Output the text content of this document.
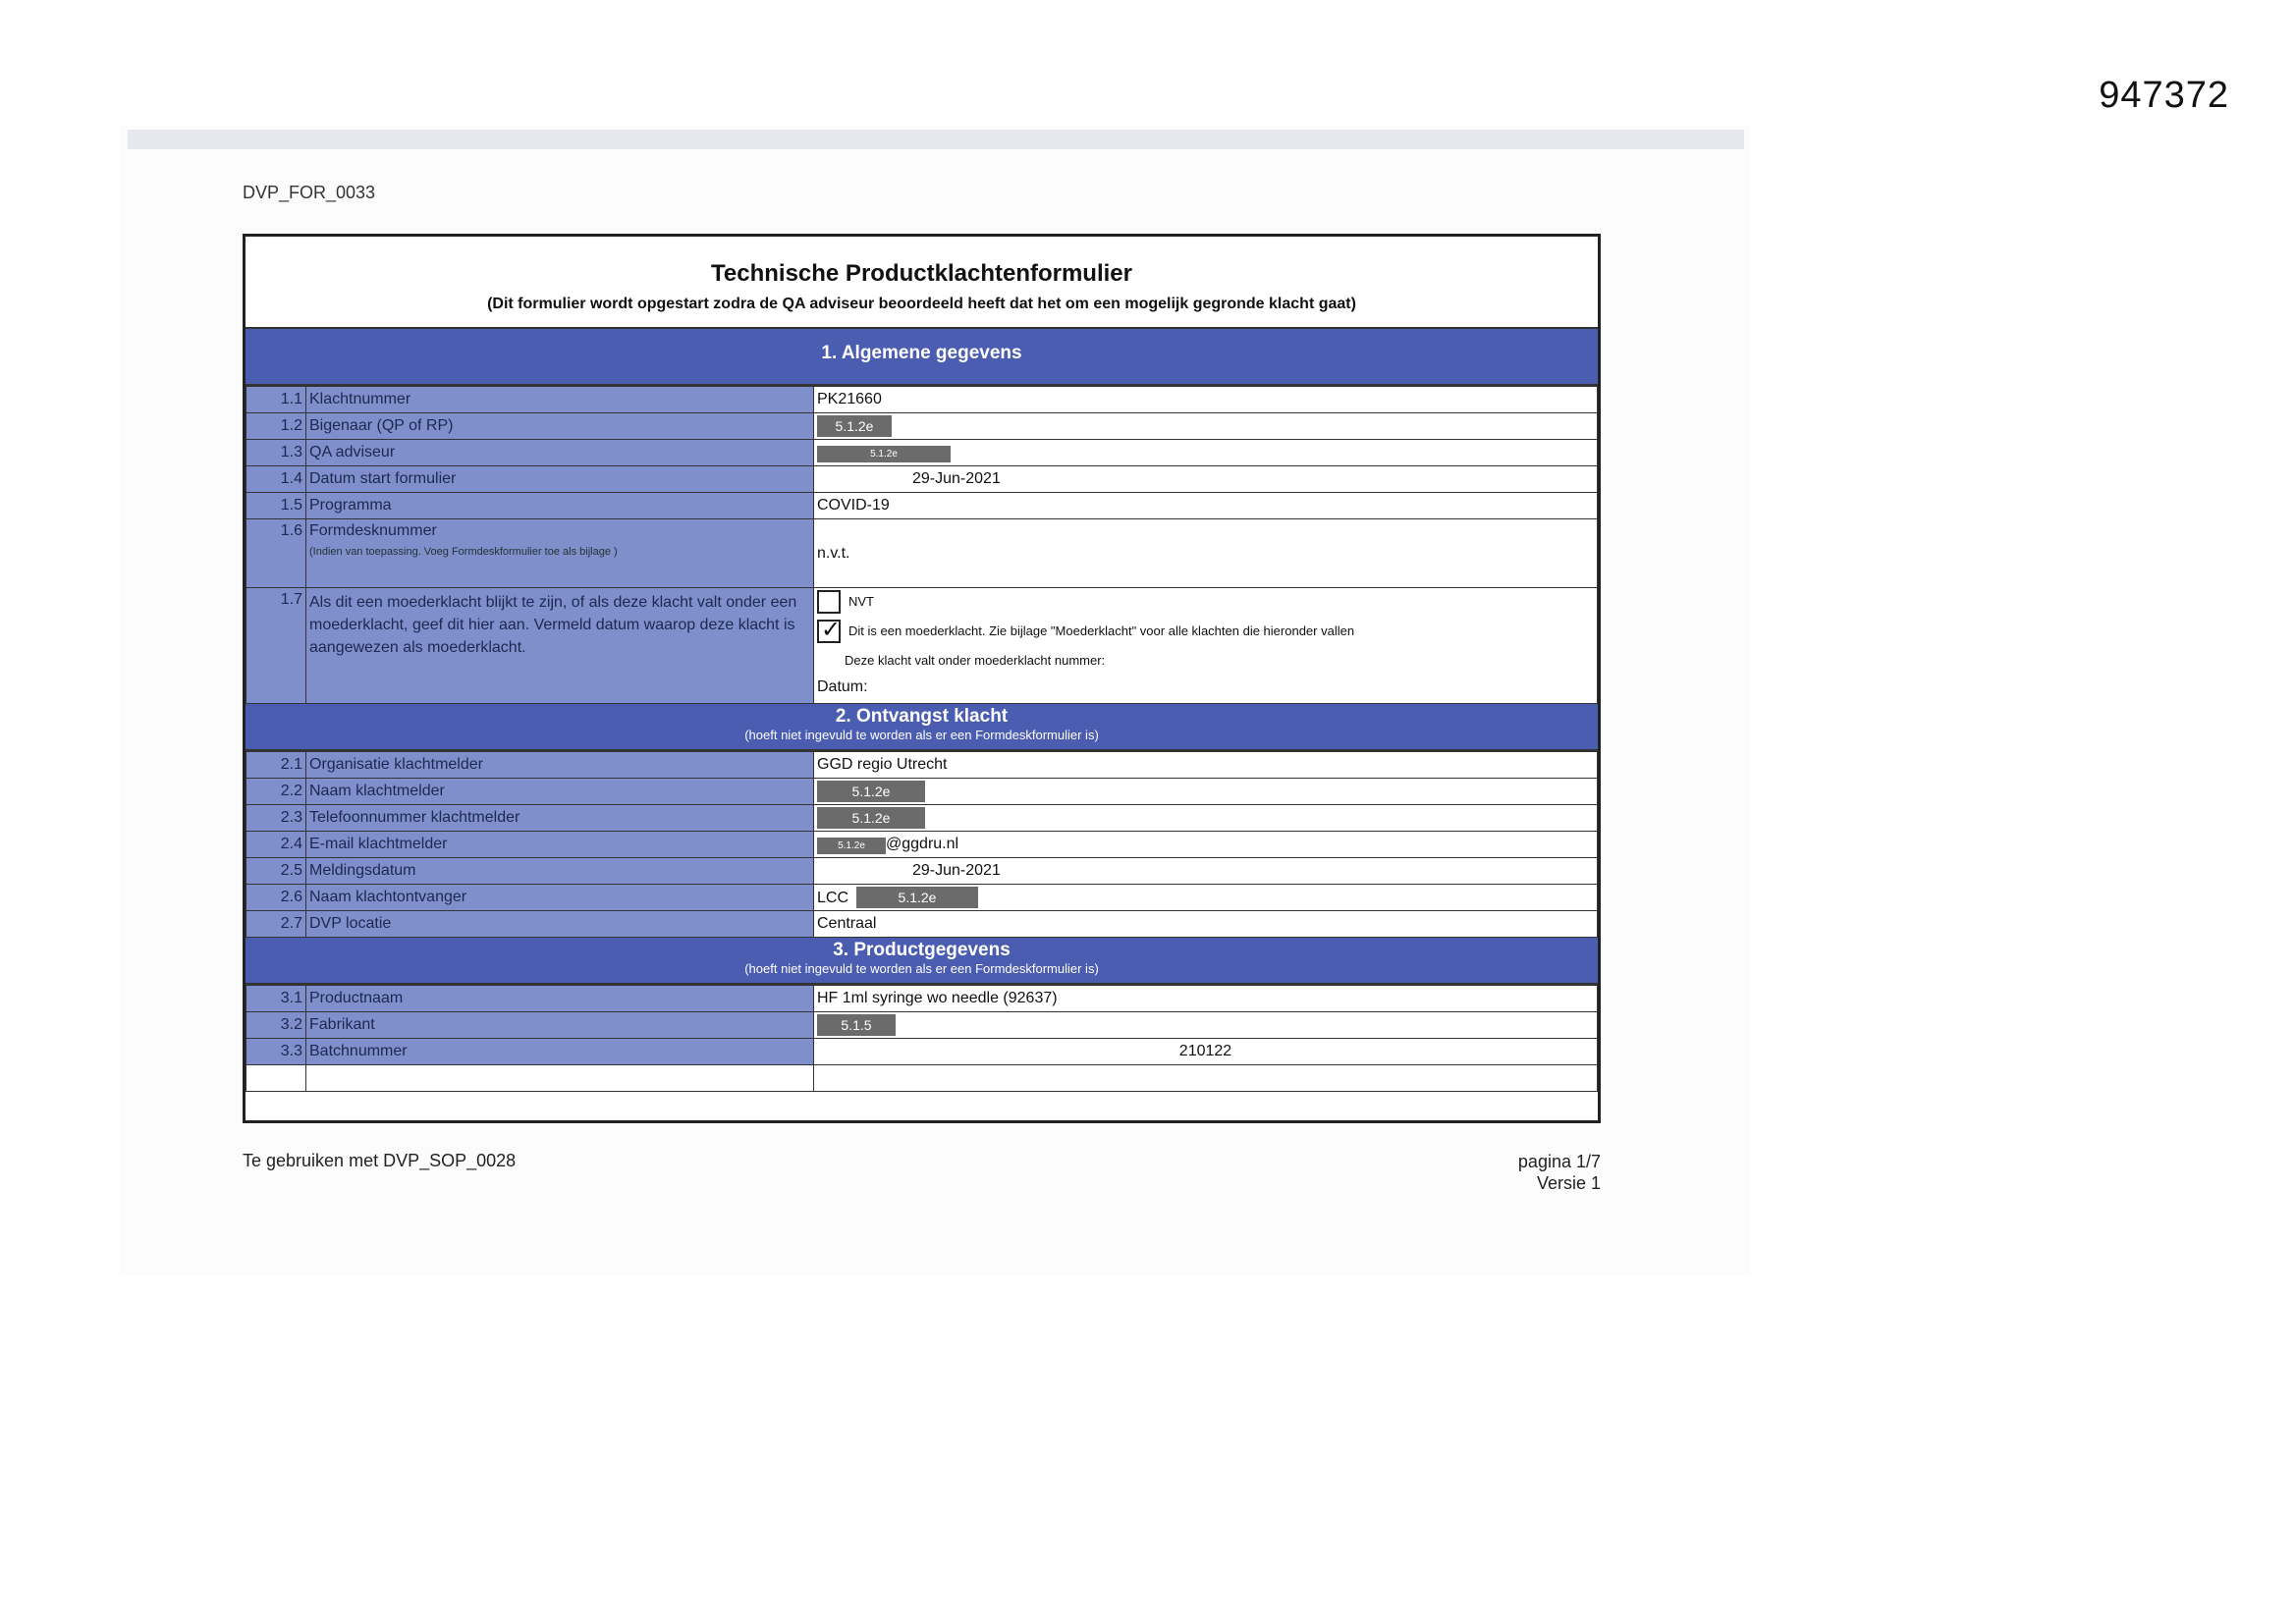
947372
DVP_FOR_0033
Technische Productklachtenformulier
(Dit formulier wordt opgestart zodra de QA adviseur beoordeeld heeft dat het om een mogelijk gegronde klacht gaat)
1. Algemene gegevens
1.1	Klachtnummer	PK21660
1.2	Bigenaar (QP of RP)	5.1.2e
1.3	QA adviseur	5.1.2e
1.4	Datum start formulier	29-Jun-2021
1.5	Programma	COVID-19
1.6	Formdesknummer
(Indien van toepassing. Voeg Formdeskformulier toe als bijlage )	n.v.t.
1.7	Als dit een moederklacht blijkt te zijn, of als deze klacht valt onder een moederklacht, geef dit hier aan. Vermeld datum waarop deze klacht is aangewezen als moederklacht.	NVT
✓ Dit is een moederklacht. Zie bijlage "Moederklacht" voor alle klachten die hieronder vallen
Deze klacht valt onder moederklacht nummer:
Datum:
2. Ontvangst klacht
(hoeft niet ingevuld te worden als er een Formdeskformulier is)
2.1	Organisatie klachtmelder	GGD regio Utrecht
2.2	Naam klachtmelder	5.1.2e
2.3	Telefoonnummer klachtmelder	5.1.2e
2.4	E-mail klachtmelder	5.1.2e @ggdru.nl
2.5	Meldingsdatum	29-Jun-2021
2.6	Naam klachtontvanger	LCC 5.1.2e
2.7	DVP locatie	Centraal
3. Productgegevens
(hoeft niet ingevuld te worden als er een Formdeskformulier is)
3.1	Productnaam	HF 1ml syringe wo needle (92637)
3.2	Fabrikant	5.1.5
3.3	Batchnummer	210122

Te gebruiken met DVP_SOP_0028	pagina 1/7
Versie 1
